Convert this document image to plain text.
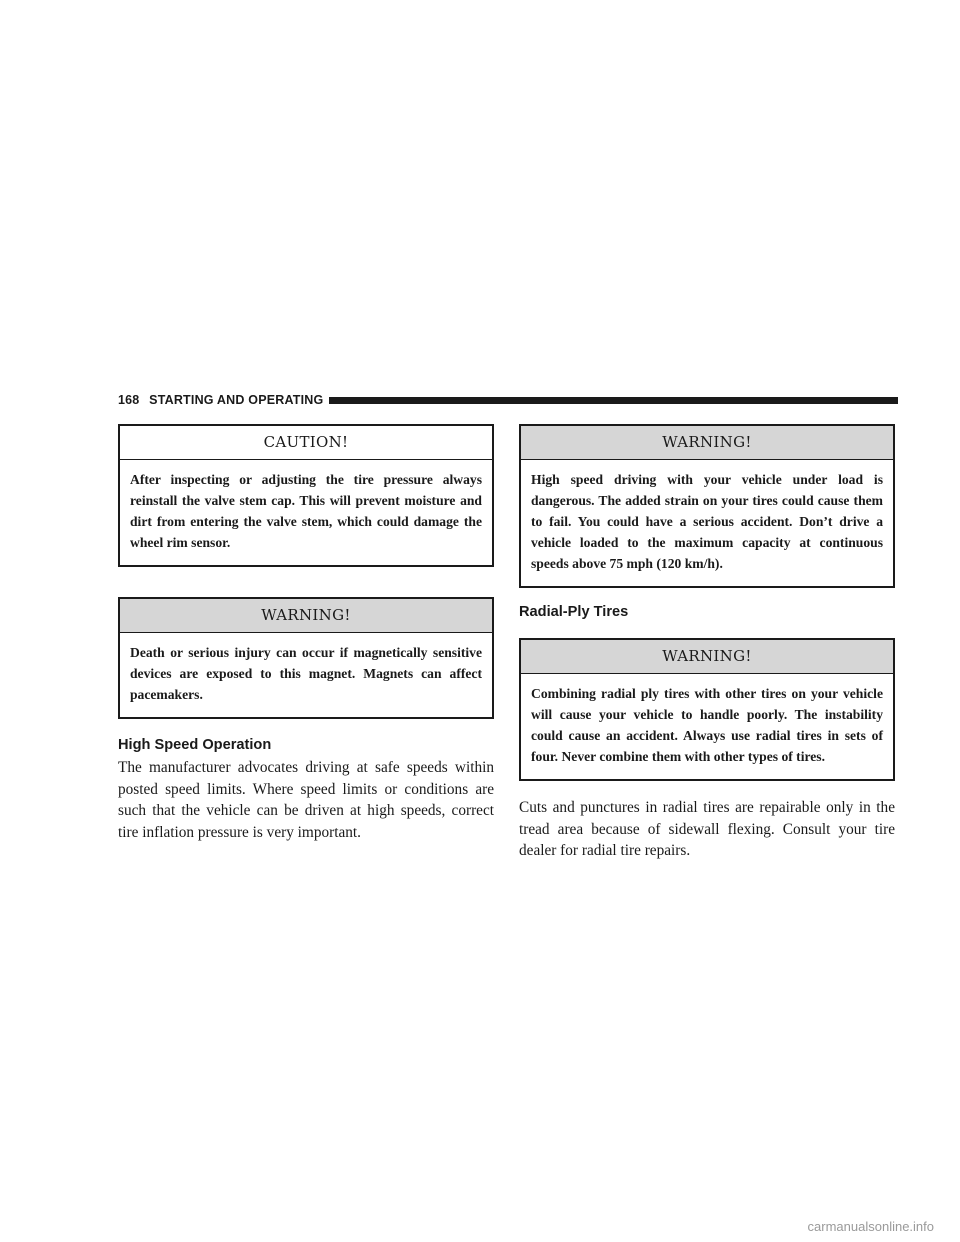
168 STARTING AND OPERATING
CAUTION!
After inspecting or adjusting the tire pressure always reinstall the valve stem cap. This will prevent moisture and dirt from entering the valve stem, which could damage the wheel rim sensor.
WARNING!
Death or serious injury can occur if magnetically sensitive devices are exposed to this magnet. Magnets can affect pacemakers.
High Speed Operation

The manufacturer advocates driving at safe speeds within posted speed limits. Where speed limits or conditions are such that the vehicle can be driven at high speeds, correct tire inflation pressure is very important.

WARNING!
High speed driving with your vehicle under load is dangerous. The added strain on your tires could cause them to fail. You could have a serious accident. Don’t drive a vehicle loaded to the maximum capacity at continuous speeds above 75 mph (120 km/h).
Radial-Ply Tires
WARNING!
Combining radial ply tires with other tires on your vehicle will cause your vehicle to handle poorly. The instability could cause an accident. Always use radial tires in sets of four. Never combine them with other types of tires.

Cuts and punctures in radial tires are repairable only in the tread area because of sidewall flexing. Consult your tire dealer for radial tire repairs.

carmanualsonline.info
